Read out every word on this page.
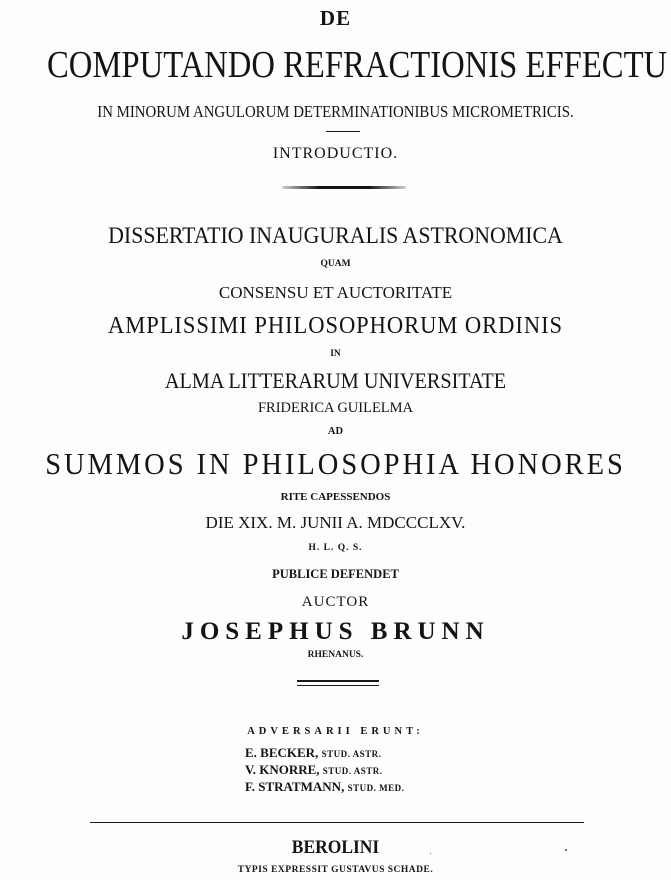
DE
COMPUTANDO REFRACTIONIS EFFECTU
IN MINORUM ANGULORUM DETERMINATIONIBUS MICROMETRICIS.
INTRODUCTIO.
DISSERTATIO INAUGURALIS ASTRONOMICA
QUAM
CONSENSU ET AUCTORITATE
AMPLISSIMI PHILOSOPHORUM ORDINIS
IN
ALMA LITTERARUM UNIVERSITATE
FRIDERICA GUILELMA
AD
SUMMOS IN PHILOSOPHIA HONORES
RITE CAPESSENDOS
DIE XIX. M. JUNII A. MDCCCLXV.
H. L. Q. S.
PUBLICE DEFENDET
AUCTOR
JOSEPHUS BRUNN
RHENANUS.
ADVERSARII ERUNT:
E. BECKER, STUD. ASTR.
V. KNORRE, STUD. ASTR.
F. STRATMANN, STUD. MED.
BEROLINI
TYPIS EXPRESSIT GUSTAVUS SCHADE.
